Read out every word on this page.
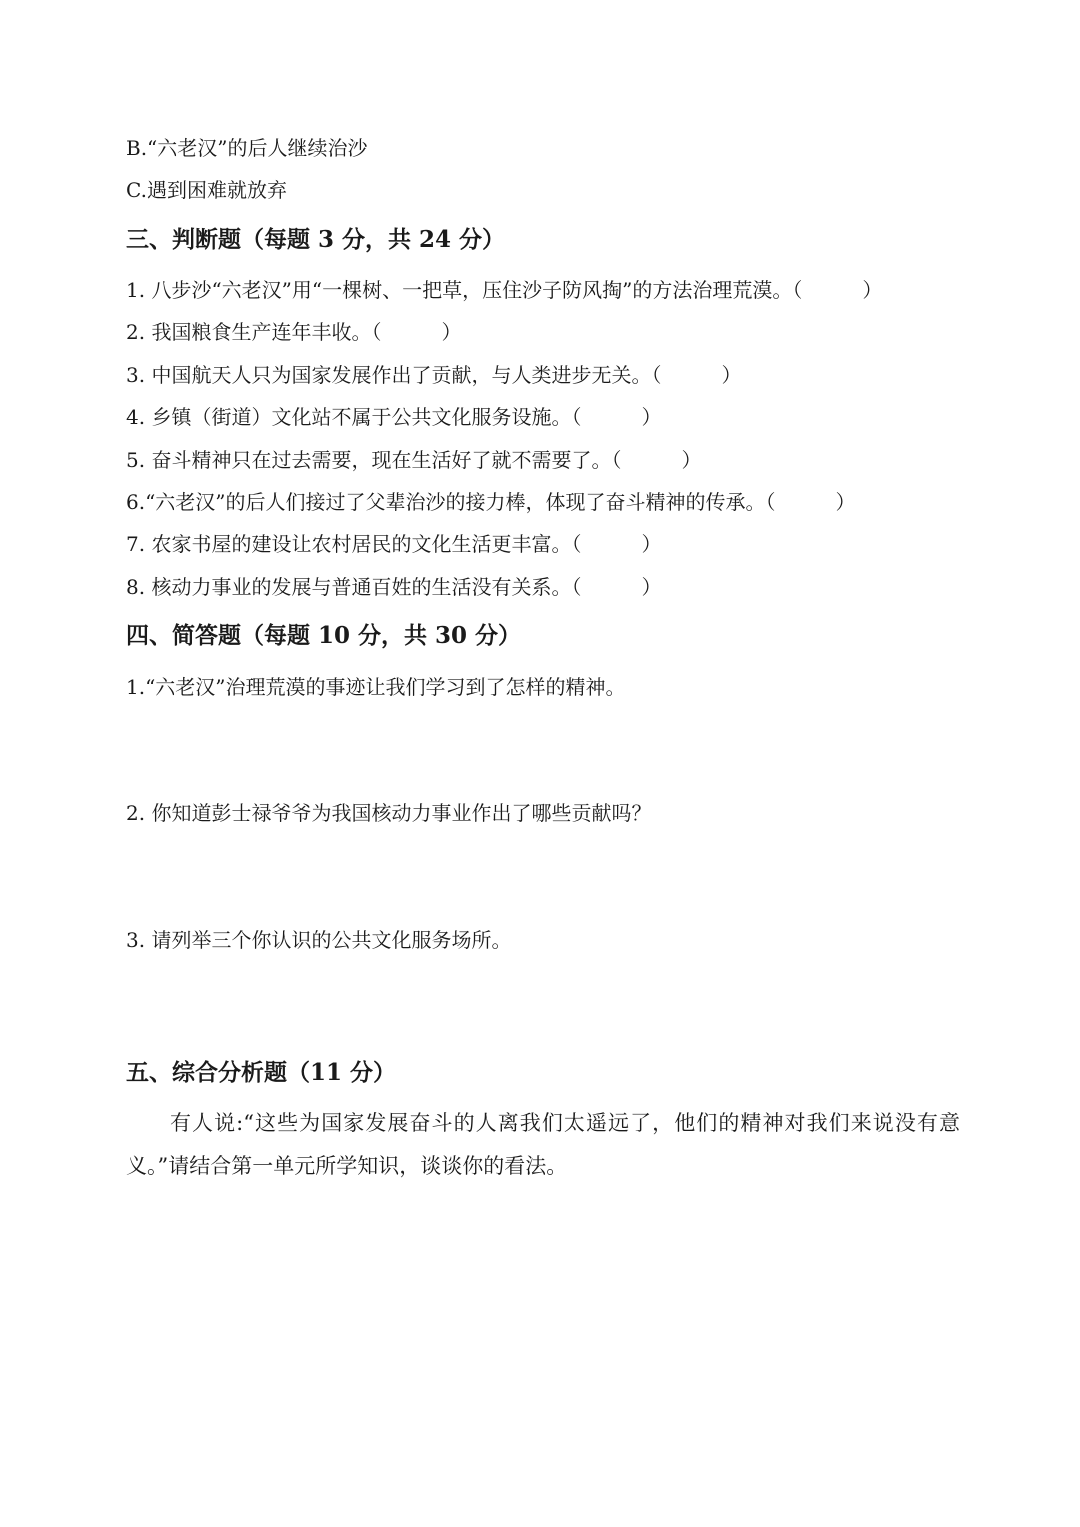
B.“六老汉”的后人继续治沙
C.遇到困难就放弃
三、判断题（每题 3 分，共 24 分）
1. 八步沙“六老汉”用“一棵树、一把草，压住沙子防风掏”的方法治理荒漠。（　　　）
2. 我国粮食生产连年丰收。（　　　）
3. 中国航天人只为国家发展作出了贡献，与人类进步无关。（　　　）
4. 乡镇（街道）文化站不属于公共文化服务设施。（　　　）
5. 奋斗精神只在过去需要，现在生活好了就不需要了。（　　　）
6.“六老汉”的后人们接过了父辈治沙的接力棒，体现了奋斗精神的传承。（　　　）
7. 农家书屋的建设让农村居民的文化生活更丰富。（　　　）
8. 核动力事业的发展与普通百姓的生活没有关系。（　　　）
四、简答题（每题 10 分，共 30 分）
1.“六老汉”治理荒漠的事迹让我们学习到了怎样的精神。
2. 你知道彭士禄爷爷为我国核动力事业作出了哪些贡献吗？
3. 请列举三个你认识的公共文化服务场所。
五、综合分析题（11 分）
有人说:“这些为国家发展奋斗的人离我们太遥远了，他们的精神对我们来说没有意义。”请结合第一单元所学知识，谈谈你的看法。
